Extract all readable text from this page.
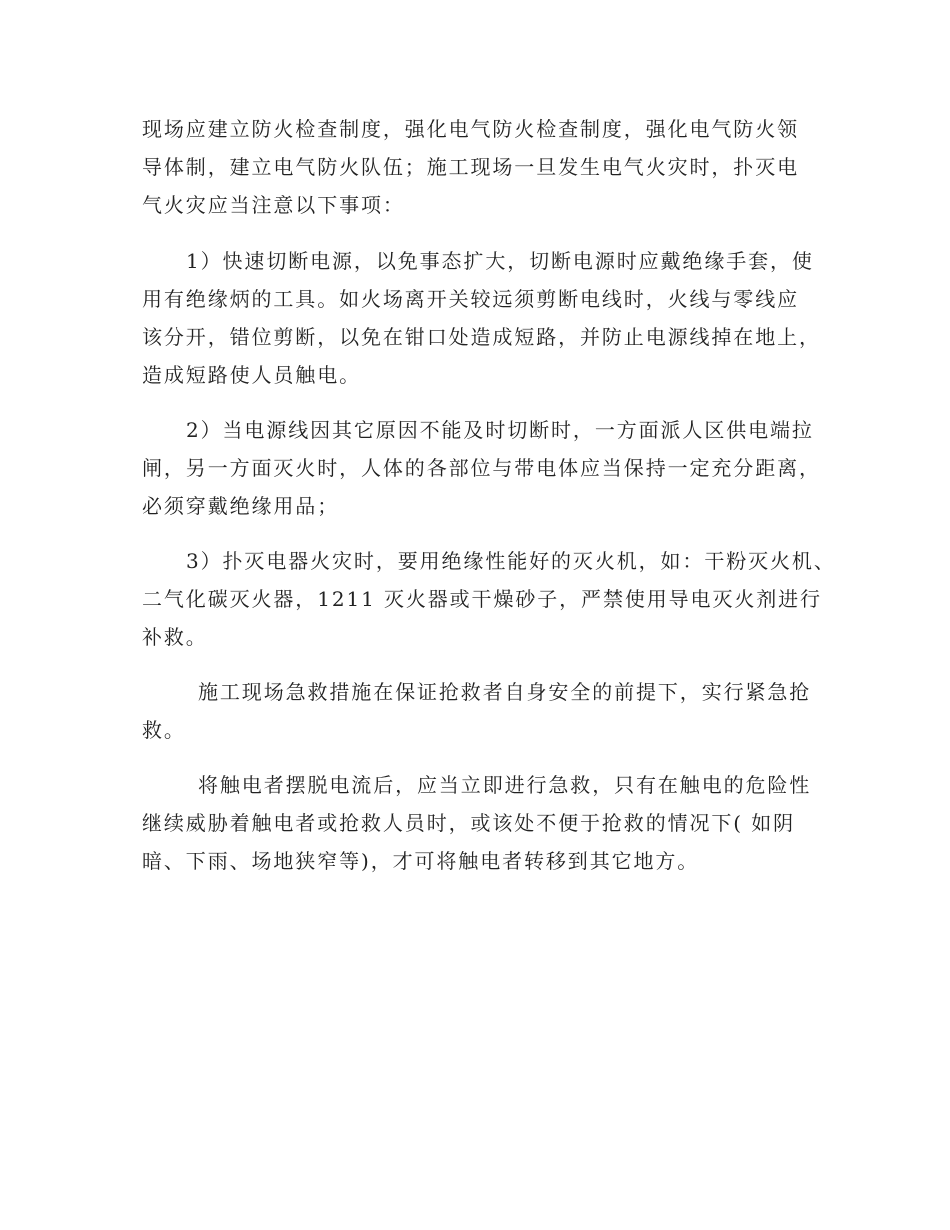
现场应建立防火检查制度，强化电气防火检查制度，强化电气防火领
导体制，建立电气防火队伍；施工现场一旦发生电气火灾时，扑灭电
气火灾应当注意以下事项：

1）快速切断电源，以免事态扩大，切断电源时应戴绝缘手套，使
用有绝缘炳的工具。如火场离开关较远须剪断电线时，火线与零线应
该分开，错位剪断，以免在钳口处造成短路，并防止电源线掉在地上，
造成短路使人员触电。

2）当电源线因其它原因不能及时切断时，一方面派人区供电端拉
闸，另一方面灭火时，人体的各部位与带电体应当保持一定充分距离，
必须穿戴绝缘用品；

3）扑灭电器火灾时，要用绝缘性能好的灭火机，如：干粉灭火机、
二气化碳灭火器，1211 灭火器或干燥砂子，严禁使用导电灭火剂进行
补救。

施工现场急救措施在保证抢救者自身安全的前提下，实行紧急抢
救。

将触电者摆脱电流后，应当立即进行急救，只有在触电的危险性
继续威胁着触电者或抢救人员时，或该处不便于抢救的情况下( 如阴
暗、下雨、场地狭窄等)，才可将触电者转移到其它地方。
